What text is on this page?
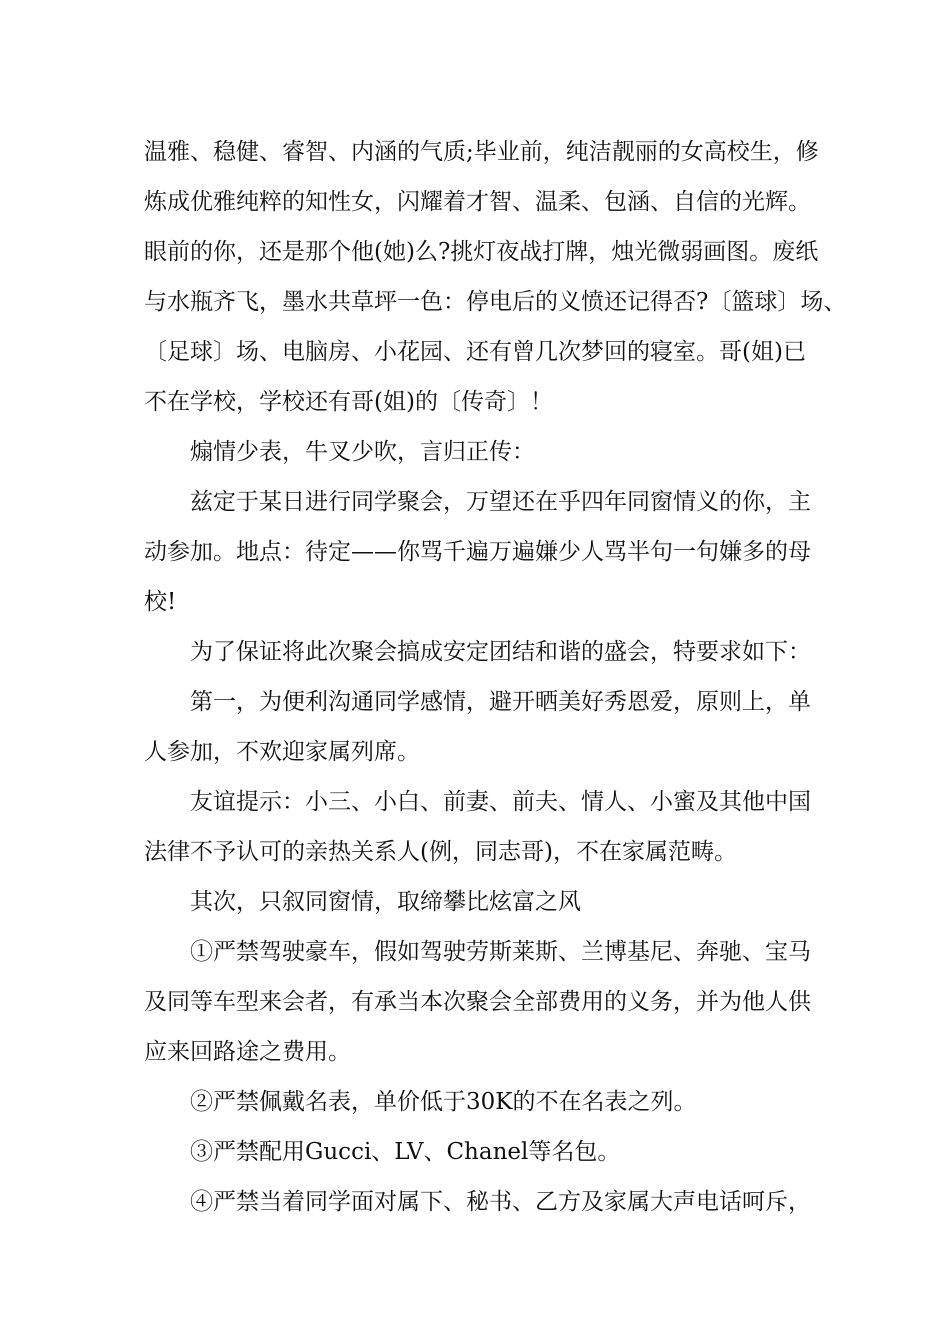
温雅、稳健、睿智、内涵的气质;毕业前，纯洁靓丽的女高校生，修
炼成优雅纯粹的知性女，闪耀着才智、温柔、包涵、自信的光辉。
眼前的你，还是那个他(她)么?挑灯夜战打牌，烛光微弱画图。废纸
与水瓶齐飞，墨水共草坪一色：停电后的义愤还记得否?〔篮球〕场、
〔足球〕场、电脑房、小花园、还有曾几次梦回的寝室。哥(姐)已
不在学校，学校还有哥(姐)的〔传奇〕！
煽情少表，牛叉少吹，言归正传：
兹定于某日进行同学聚会，万望还在乎四年同窗情义的你，主
动参加。地点：待定——你骂千遍万遍嫌少人骂半句一句嫌多的母
校!
为了保证将此次聚会搞成安定团结和谐的盛会，特要求如下：
第一，为便利沟通同学感情，避开晒美好秀恩爱，原则上，单
人参加，不欢迎家属列席。
友谊提示：小三、小白、前妻、前夫、情人、小蜜及其他中国
法律不予认可的亲热关系人(例，同志哥)，不在家属范畴。
其次，只叙同窗情，取缔攀比炫富之风
①严禁驾驶豪车，假如驾驶劳斯莱斯、兰博基尼、奔驰、宝马
及同等车型来会者，有承当本次聚会全部费用的义务，并为他人供
应来回路途之费用。
②严禁佩戴名表，单价低于30K的不在名表之列。
③严禁配用Gucci、LV、Chanel等名包。
④严禁当着同学面对属下、秘书、乙方及家属大声电话呵斥，
